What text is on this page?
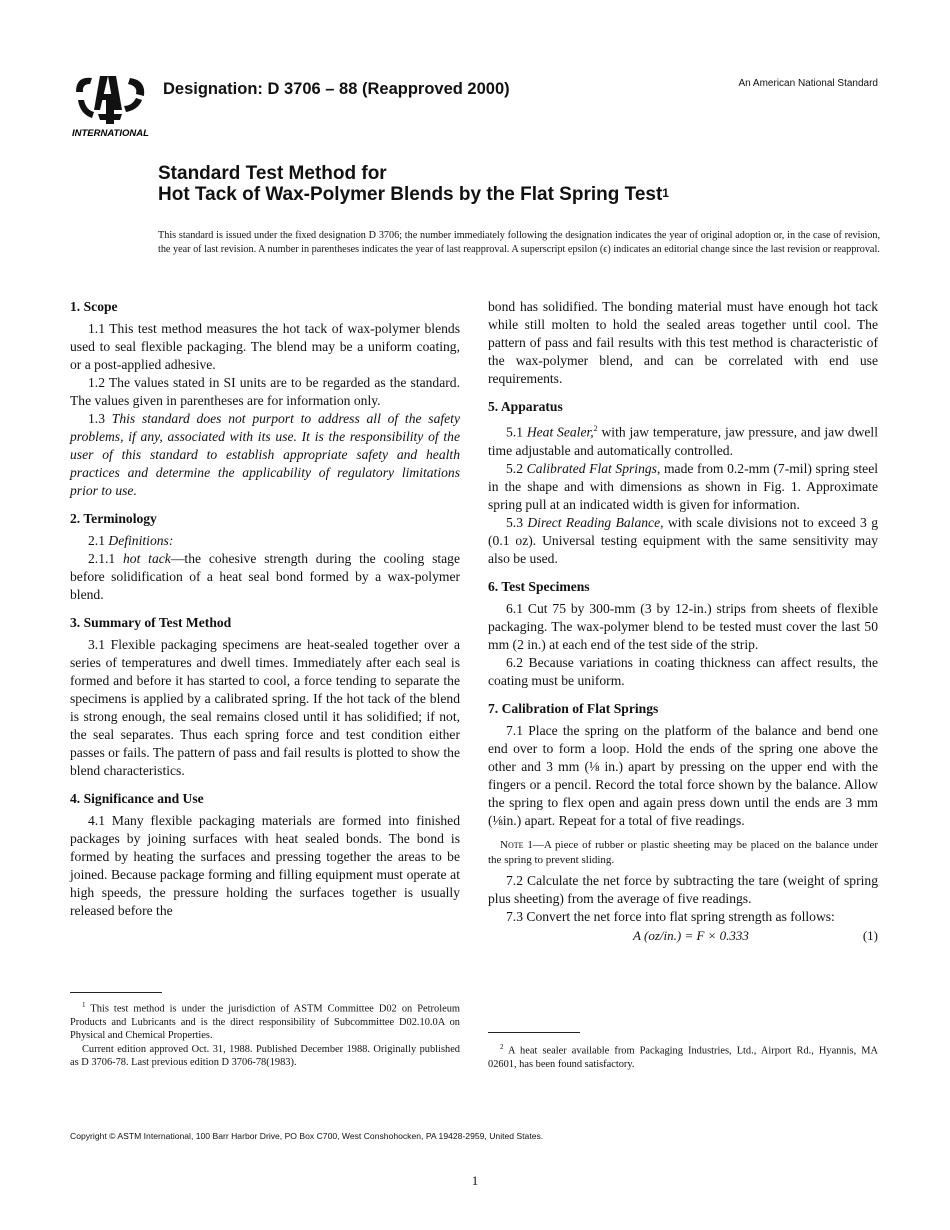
INTERNATIONAL
Designation: D 3706 – 88 (Reapproved 2000)	An American National Standard
Standard Test Method for
Hot Tack of Wax-Polymer Blends by the Flat Spring Test$^1$
This standard is issued under the fixed designation D 3706; the number immediately following the designation indicates the year of original adoption or, in the case of revision, the year of last revision. A number in parentheses indicates the year of last reapproval. A superscript epsilon (ϵ) indicates an editorial change since the last revision or reapproval.
1. Scope

1.1 This test method measures the hot tack of wax-polymer blends used to seal flexible packaging. The blend may be a uniform coating, or a post-applied adhesive.

1.2 The values stated in SI units are to be regarded as the standard. The values given in parentheses are for information only.

1.3 This standard does not purport to address all of the safety problems, if any, associated with its use. It is the responsibility of the user of this standard to establish appropriate safety and health practices and determine the applicability of regulatory limitations prior to use.

2. Terminology

2.1 Definitions:

2.1.1 hot tack—the cohesive strength during the cooling stage before solidification of a heat seal bond formed by a wax-polymer blend.

3. Summary of Test Method

3.1 Flexible packaging specimens are heat-sealed together over a series of temperatures and dwell times. Immediately after each seal is formed and before it has started to cool, a force tending to separate the specimens is applied by a calibrated spring. If the hot tack of the blend is strong enough, the seal remains closed until it has solidified; if not, the seal separates. Thus each spring force and test condition either passes or fails. The pattern of pass and fail results is plotted to show the blend characteristics.

4. Significance and Use

4.1 Many flexible packaging materials are formed into finished packages by joining surfaces with heat sealed bonds. The bond is formed by heating the surfaces and pressing together the areas to be joined. Because package forming and filling equipment must operate at high speeds, the pressure holding the surfaces together is usually released before the

$^1$ This test method is under the jurisdiction of ASTM Committee D02 on Petroleum Products and Lubricants and is the direct responsibility of Subcommittee D02.10.0A on Physical and Chemical Properties.

Current edition approved Oct. 31, 1988. Published December 1988. Originally published as D 3706-78. Last previous edition D 3706-78(1983).

bond has solidified. The bonding material must have enough hot tack while still molten to hold the sealed areas together until cool. The pattern of pass and fail results with this test method is characteristic of the wax-polymer blend, and can be correlated with end use requirements.

5. Apparatus

5.1 Heat Sealer,$^2$ with jaw temperature, jaw pressure, and jaw dwell time adjustable and automatically controlled.

5.2 Calibrated Flat Springs, made from 0.2-mm (7-mil) spring steel in the shape and with dimensions as shown in Fig. 1. Approximate spring pull at an indicated width is given for information.

5.3 Direct Reading Balance, with scale divisions not to exceed 3 g (0.1 oz). Universal testing equipment with the same sensitivity may also be used.

6. Test Specimens

6.1 Cut 75 by 300-mm (3 by 12-in.) strips from sheets of flexible packaging. The wax-polymer blend to be tested must cover the last 50 mm (2 in.) at each end of the test side of the strip.

6.2 Because variations in coating thickness can affect results, the coating must be uniform.

7. Calibration of Flat Springs

7.1 Place the spring on the platform of the balance and bend one end over to form a loop. Hold the ends of the spring one above the other and 3 mm (⅛ in.) apart by pressing on the upper end with the fingers or a pencil. Record the total force shown by the balance. Allow the spring to flex open and again press down until the ends are 3 mm (⅛in.) apart. Repeat for a total of five readings.

Note 1—A piece of rubber or plastic sheeting may be placed on the balance under the spring to prevent sliding.

7.2 Calculate the net force by subtracting the tare (weight of spring plus sheeting) from the average of five readings.

7.3 Convert the net force into flat spring strength as follows:

A (oz/in.) = F × 0.333	(1)

$^2$ A heat sealer available from Packaging Industries, Ltd., Airport Rd., Hyannis, MA 02601, has been found satisfactory.

Copyright © ASTM International, 100 Barr Harbor Drive, PO Box C700, West Conshohocken, PA 19428-2959, United States.
1
